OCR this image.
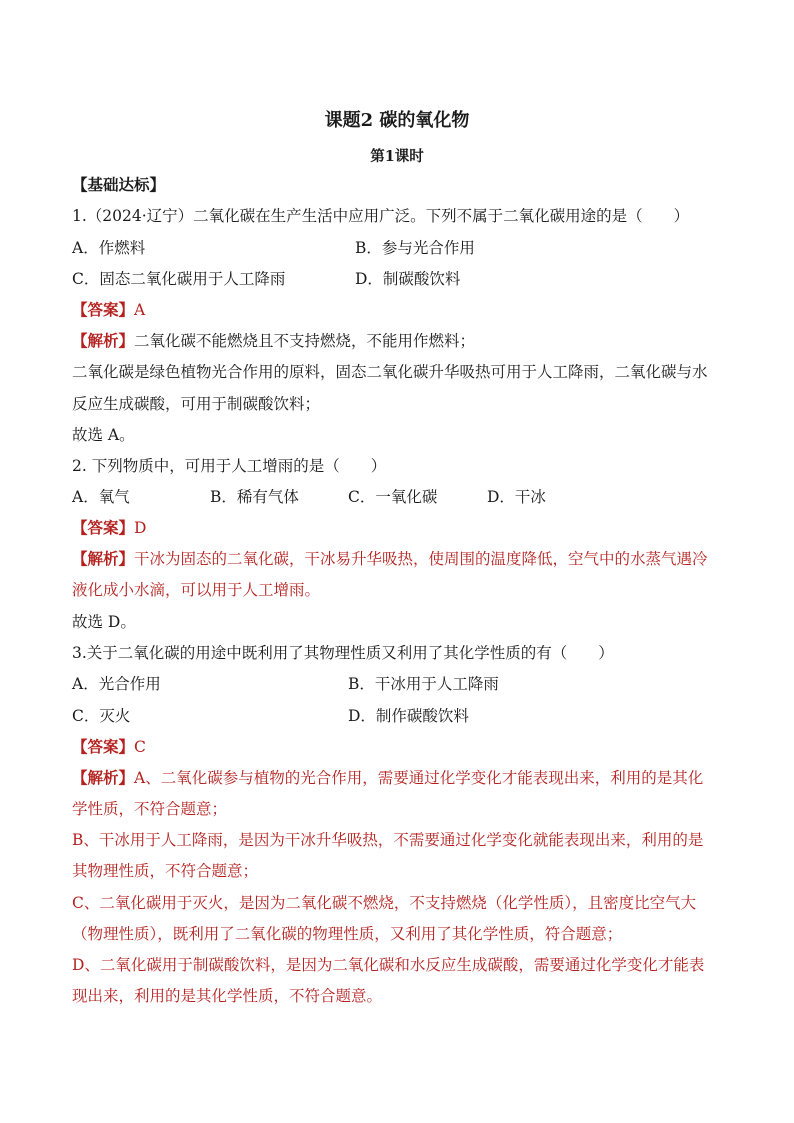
课题2 碳的氧化物
第1课时
【基础达标】
1.（2024·辽宁）二氧化碳在生产生活中应用广泛。下列不属于二氧化碳用途的是（　　）
A．作燃料	B．参与光合作用
C．固态二氧化碳用于人工降雨	D．制碳酸饮料
【答案】A
【解析】二氧化碳不能燃烧且不支持燃烧，不能用作燃料；
二氧化碳是绿色植物光合作用的原料，固态二氧化碳升华吸热可用于人工降雨，二氧化碳与水
反应生成碳酸，可用于制碳酸饮料；
故选 A。
2. 下列物质中，可用于人工增雨的是（　　）
A．氧气	B．稀有气体	C．一氧化碳	D．干冰
【答案】D
【解析】干冰为固态的二氧化碳，干冰易升华吸热，使周围的温度降低，空气中的水蒸气遇冷
液化成小水滴，可以用于人工增雨。
故选 D。
3.关于二氧化碳的用途中既利用了其物理性质又利用了其化学性质的有（　　）
A．光合作用	B．干冰用于人工降雨
C．灭火	D．制作碳酸饮料
【答案】C
【解析】A、二氧化碳参与植物的光合作用，需要通过化学变化才能表现出来，利用的是其化
学性质，不符合题意；
B、干冰用于人工降雨，是因为干冰升华吸热，不需要通过化学变化就能表现出来，利用的是
其物理性质，不符合题意；
C、二氧化碳用于灭火，是因为二氧化碳不燃烧，不支持燃烧（化学性质），且密度比空气大
（物理性质），既利用了二氧化碳的物理性质，又利用了其化学性质，符合题意；
D、二氧化碳用于制碳酸饮料，是因为二氧化碳和水反应生成碳酸，需要通过化学变化才能表
现出来，利用的是其化学性质，不符合题意。
